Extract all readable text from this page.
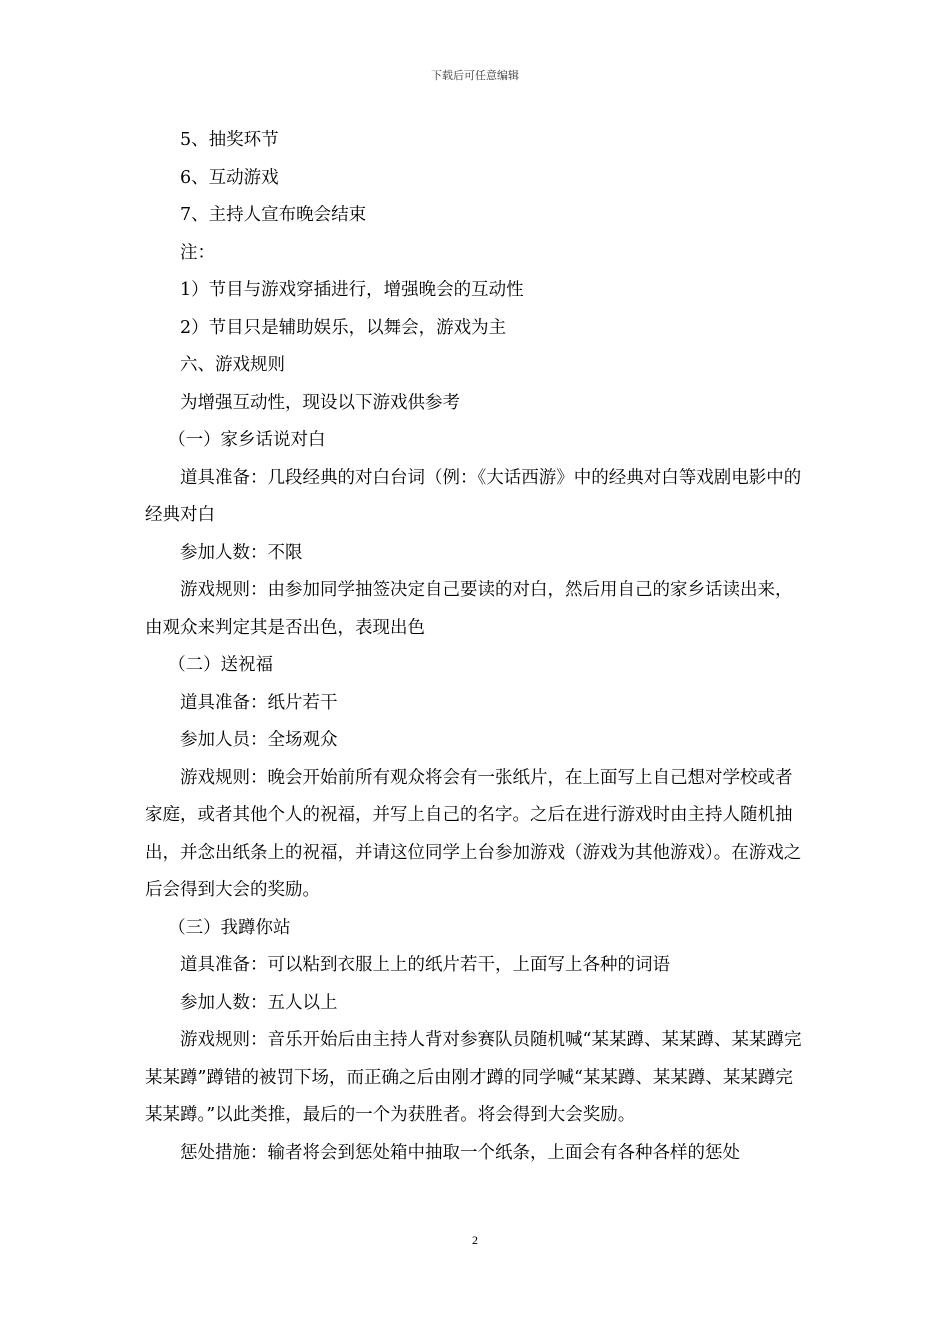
下载后可任意编辑

　　5、抽奖环节

　　6、互动游戏

　　7、主持人宣布晚会结束

　　注：

　　1）节目与游戏穿插进行，增强晚会的互动性

　　2）节目只是辅助娱乐，以舞会，游戏为主

　　六、游戏规则

　　为增强互动性，现设以下游戏供参考

　 （一）家乡话说对白

　　道具准备：几段经典的对白台词（例：《大话西游》中的经典对白等戏剧电影中的经典对白

　　参加人数：不限

　　游戏规则：由参加同学抽签决定自己要读的对白，然后用自己的家乡话读出来，由观众来判定其是否出色，表现出色

　 （二）送祝福

　　道具准备：纸片若干

　　参加人员：全场观众

　　游戏规则：晚会开始前所有观众将会有一张纸片，在上面写上自己想对学校或者家庭，或者其他个人的祝福，并写上自己的名字。之后在进行游戏时由主持人随机抽出，并念出纸条上的祝福，并请这位同学上台参加游戏（游戏为其他游戏）。在游戏之后会得到大会的奖励。

　 （三）我蹲你站

　　道具准备：可以粘到衣服上上的纸片若干，上面写上各种的词语

　　参加人数：五人以上

　　游戏规则：音乐开始后由主持人背对参赛队员随机喊“某某蹲、某某蹲、某某蹲完某某蹲”蹲错的被罚下场，而正确之后由刚才蹲的同学喊“某某蹲、某某蹲、某某蹲完某某蹲。”以此类推，最后的一个为获胜者。将会得到大会奖励。

　　惩处措施：输者将会到惩处箱中抽取一个纸条，上面会有各种各样的惩处

2
